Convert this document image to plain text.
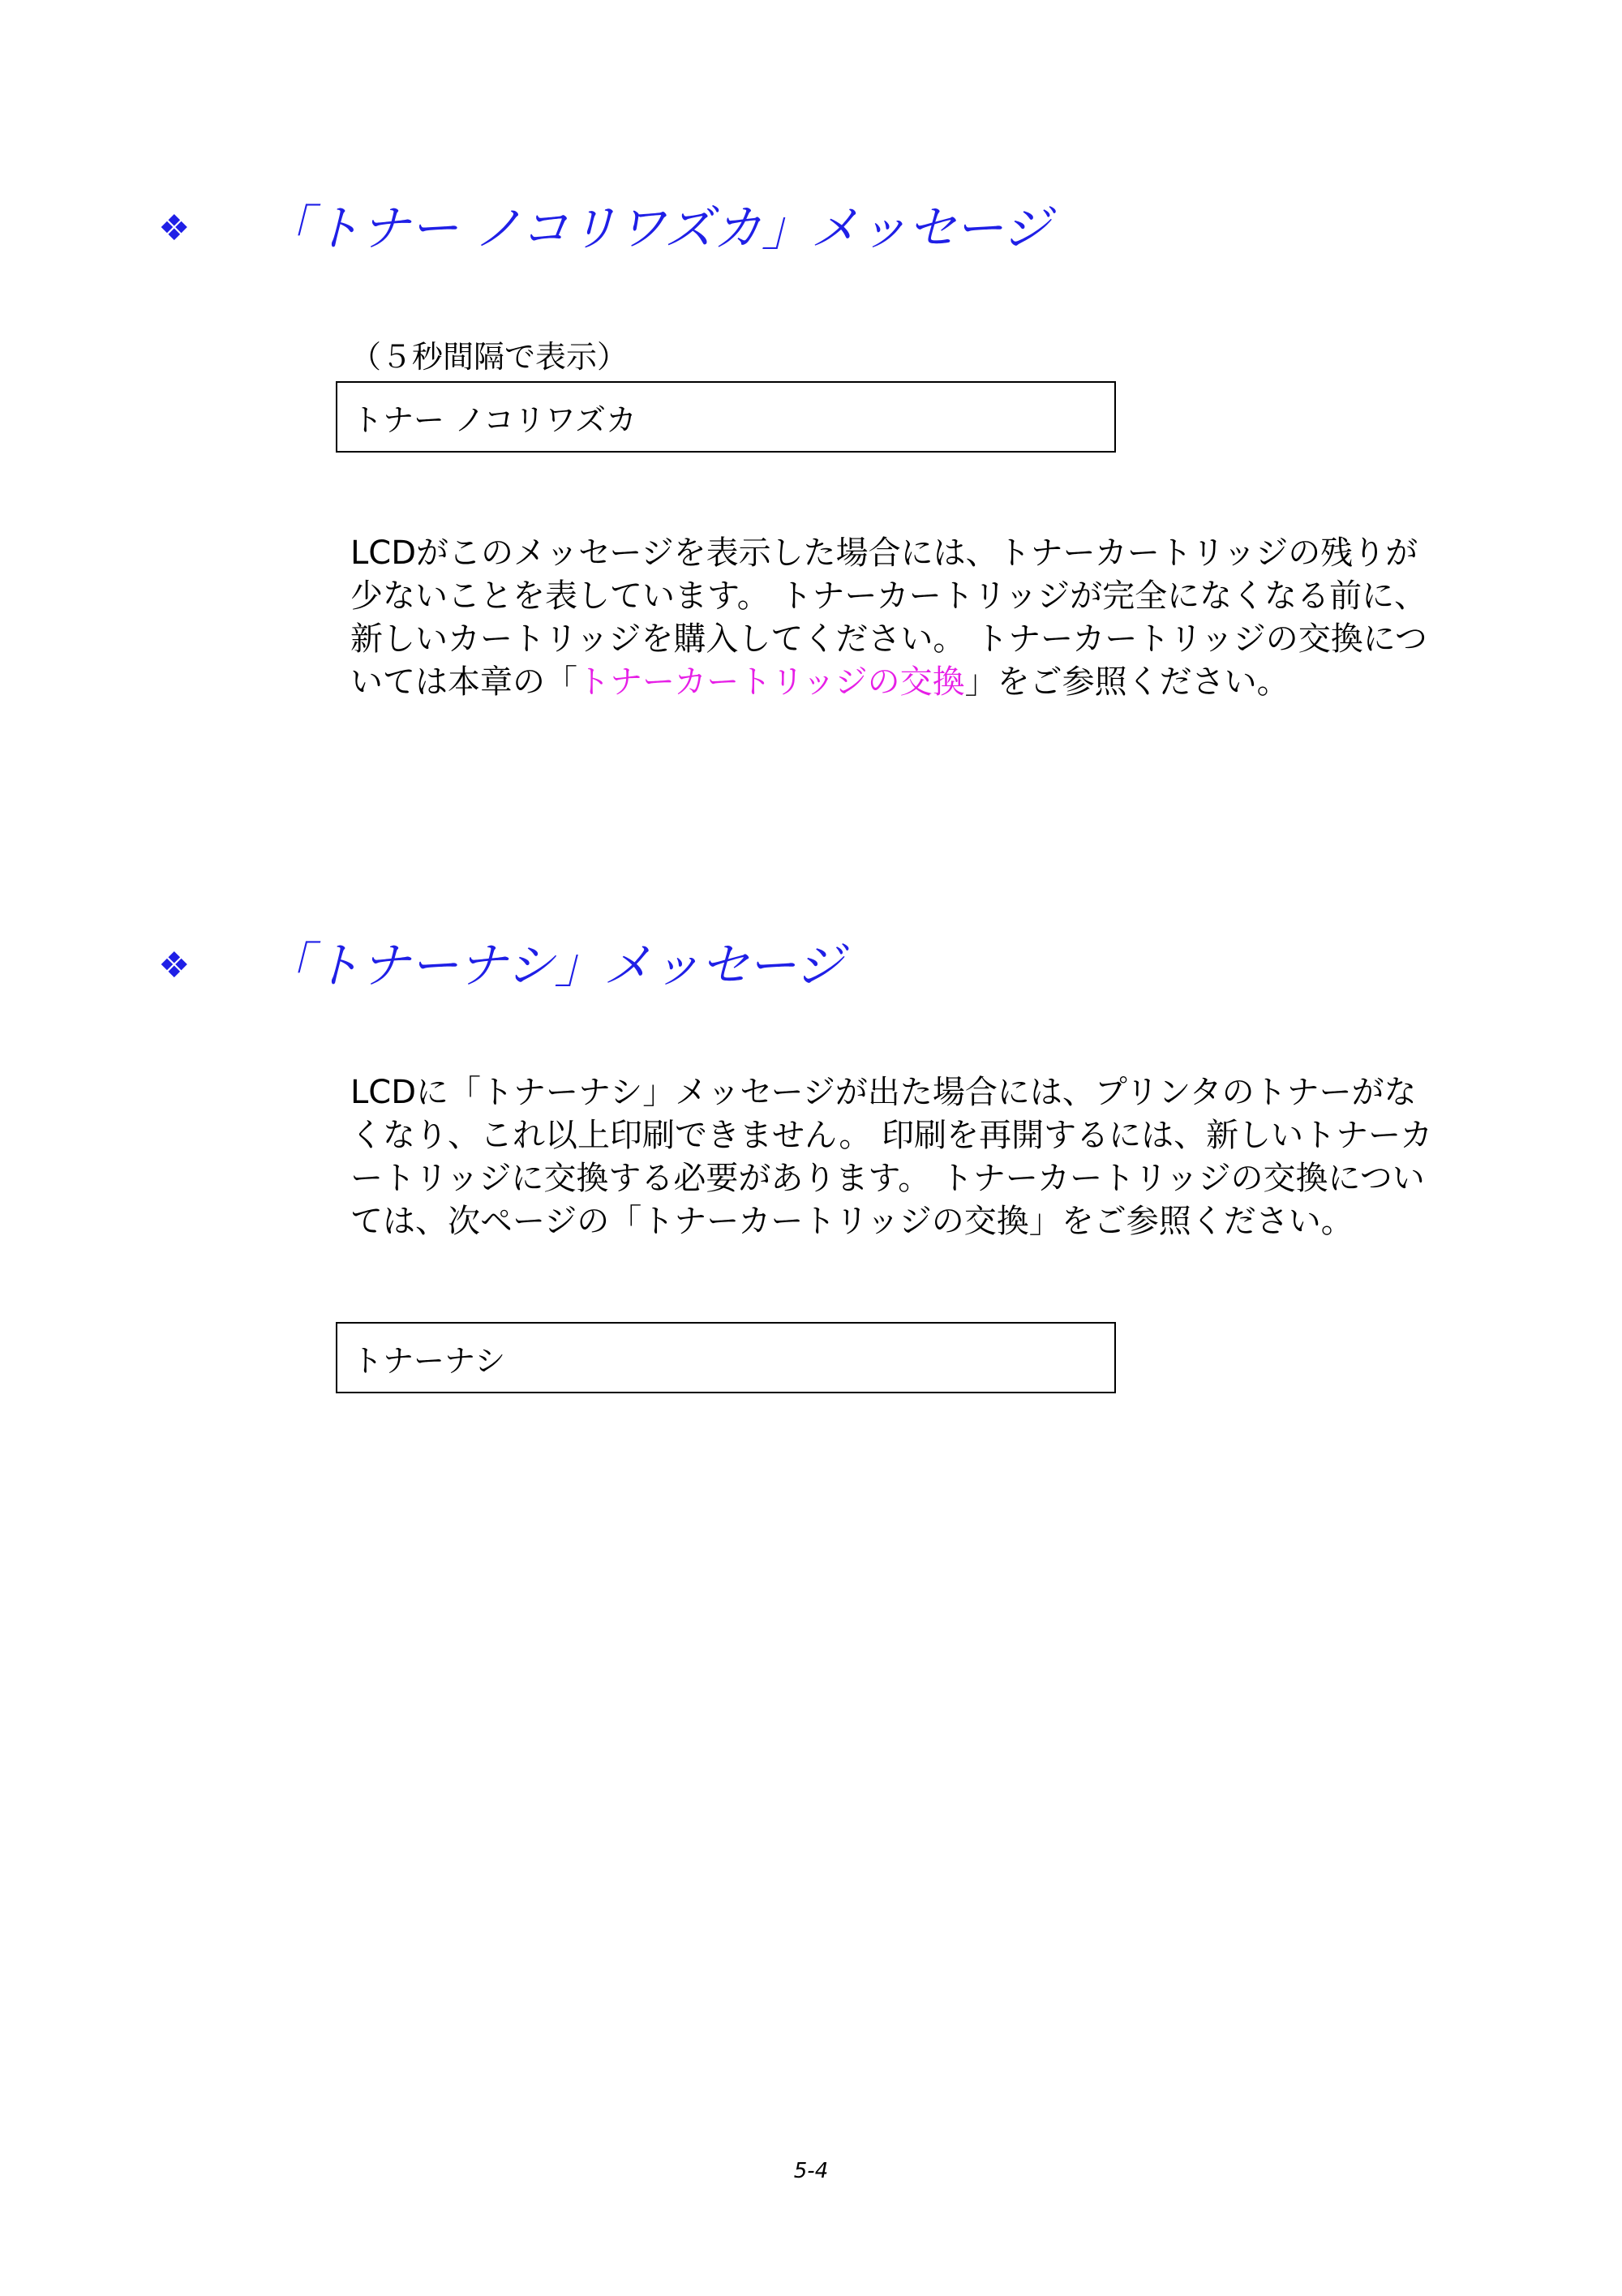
❖	「トナー ノコリワズカ」メッセージ
（５秒間隔で表示）
トナー ノコリワズカ

LCDがこのメッセージを表示した場合には、トナーカートリッジの残りが
少ないことを表しています。 トナーカートリッジが完全になくなる前に、
新しいカートリッジを購入してください。 トナーカートリッジの交換につ
いては本章の「トナーカートリッジの交換」をご参照ください。

❖	「トナーナシ」メッセージ

LCDに「トナーナシ」メッセージが出た場合には、プリンタのトナーがな
くなり、これ以上印刷できません。 印刷を再開するには、新しいトナーカ
ートリッジに交換する必要があります。 トナーカートリッジの交換につい
ては、次ページの「トナーカートリッジの交換」をご参照ください。

トナーナシ
5-4
